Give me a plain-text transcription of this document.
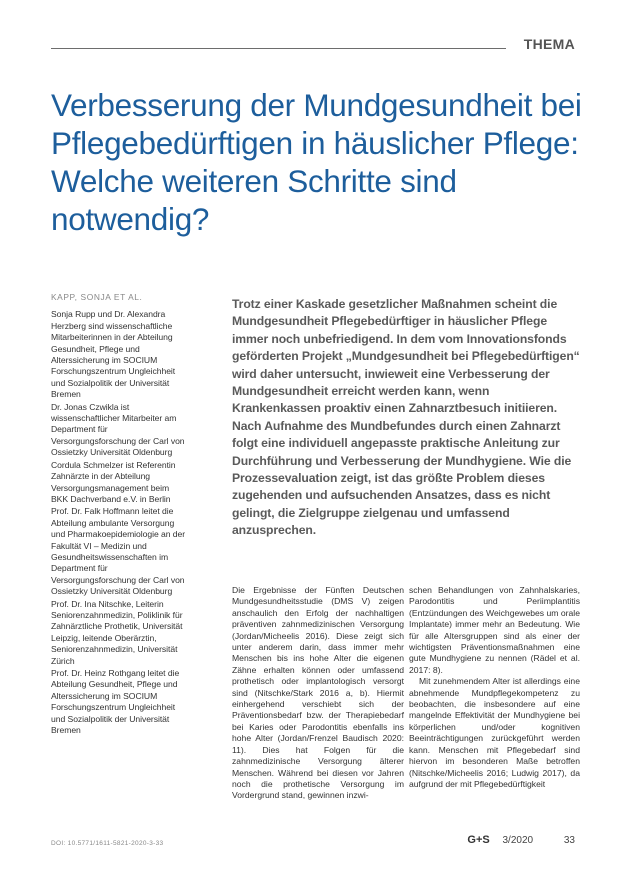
THEMA
Verbesserung der Mundgesundheit bei Pflegebedürftigen in häuslicher Pflege: Welche weiteren Schritte sind notwendig?
KAPP, SONJA ET AL.

Sonja Rupp und Dr. Alexandra Herzberg sind wissenschaftliche Mitarbeiterinnen in der Abteilung Gesundheit, Pflege und Alterssicherung im SOCIUM Forschungszentrum Ungleichheit und Sozialpolitik der Universität Bremen

Dr. Jonas Czwikla ist wissenschaftlicher Mitarbeiter am Department für Versorgungsforschung der Carl von Ossietzky Universität Oldenburg

Cordula Schmelzer ist Referentin Zahnärzte in der Abteilung Versorgungsmanagement beim BKK Dachverband e.V. in Berlin

Prof. Dr. Falk Hoffmann leitet die Abteilung ambulante Versorgung und Pharmakoepidemiologie an der Fakultät VI – Medizin und Gesundheitswissenschaften im Department für Versorgungsforschung der Carl von Ossietzky Universität Oldenburg

Prof. Dr. Ina Nitschke, Leiterin Seniorenzahnmedizin, Poliklinik für Zahnärztliche Prothetik, Universität Leipzig, leitende Oberärztin, Seniorenzahnmedizin, Universität Zürich

Prof. Dr. Heinz Rothgang leitet die Abteilung Gesundheit, Pflege und Alterssicherung im SOCIUM Forschungszentrum Ungleichheit und Sozialpolitik der Universität Bremen

Trotz einer Kaskade gesetzlicher Maßnahmen scheint die Mundgesundheit Pflegebedürftiger in häuslicher Pflege immer noch unbefriedigend. In dem vom Innovationsfonds geförderten Projekt „Mundgesundheit bei Pflegebedürftigen“ wird daher untersucht, inwieweit eine Verbesserung der Mundgesundheit erreicht werden kann, wenn Krankenkassen proaktiv einen Zahnarztbesuch initiieren. Nach Aufnahme des Mundbefundes durch einen Zahnarzt folgt eine individuell angepasste praktische Anleitung zur Durchführung und Verbesserung der Mundhygiene. Wie die Prozessevaluation zeigt, ist das größte Problem dieses zugehenden und aufsuchenden Ansatzes, dass es nicht gelingt, die Zielgruppe zielgenau und umfassend anzusprechen.

Die Ergebnisse der Fünften Deutschen Mundgesundheitsstudie (DMS V) zeigen anschaulich den Erfolg der nachhaltigen präventiven zahnmedizinischen Versorgung (Jordan/Micheelis 2016). Diese zeigt sich unter anderem darin, dass immer mehr Menschen bis ins hohe Alter die eigenen Zähne erhalten können oder umfassend prothetisch oder implantologisch versorgt sind (Nitschke/Stark 2016 a, b). Hiermit einhergehend verschiebt sich der Präventionsbedarf bzw. der Therapiebedarf bei Karies oder Parodontitis ebenfalls ins hohe Alter (Jordan/Frenzel Baudisch 2020: 11). Dies hat Folgen für die zahnmedizinische Versorgung älterer Menschen. Während bei diesen vor Jahren noch die prothetische Versorgung im Vordergrund stand, gewinnen inzwi-

schen Behandlungen von Zahnhalskaries, Parodontitis und Periimplantitis (Entzündungen des Weichgewebes um orale Implantate) immer mehr an Bedeutung. Wie für alle Altersgruppen sind als einer der wichtigsten Präventionsmaßnahmen eine gute Mundhygiene zu nennen (Rädel et al. 2017: 8).

Mit zunehmendem Alter ist allerdings eine abnehmende Mundpflegekompetenz zu beobachten, die insbesondere auf eine mangelnde Effektivität der Mundhygiene bei körperlichen und/oder kognitiven Beeinträchtigungen zurückgeführt werden kann. Menschen mit Pflegebedarf sind hiervon im besonderen Maße betroffen (Nitschke/Micheelis 2016; Ludwig 2017), da aufgrund der mit Pflegebedürftigkeit

DOI: 10.5771/1611-5821-2020-3-33	G+S 3/2020	33
